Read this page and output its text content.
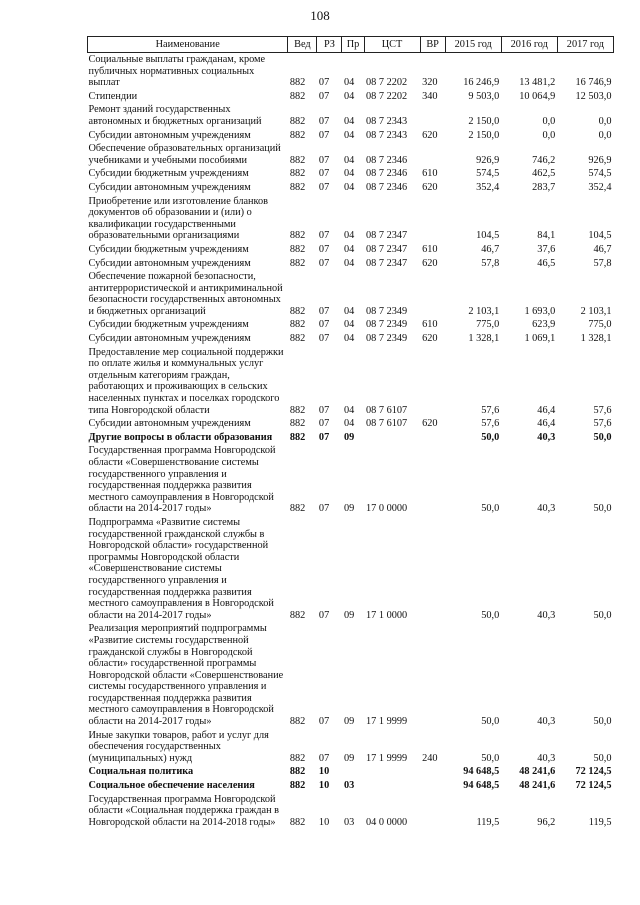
108
Наименование	Вед	РЗ	Пр	ЦСТ	ВР	2015 год	2016 год	2017 год
Социальные выплаты гражданам, кроме публичных нормативных социальных выплат	882	07	04	08 7 2202	320	16 246,9	13 481,2	16 746,9
Стипендии	882	07	04	08 7 2202	340	9 503,0	10 064,9	12 503,0
Ремонт зданий государственных автономных и бюджетных организаций	882	07	04	08 7 2343		2 150,0	0,0	0,0
Субсидии автономным учреждениям	882	07	04	08 7 2343	620	2 150,0	0,0	0,0
Обеспечение образовательных организаций учебниками и учебными пособиями	882	07	04	08 7 2346		926,9	746,2	926,9
Субсидии бюджетным учреждениям	882	07	04	08 7 2346	610	574,5	462,5	574,5
Субсидии автономным учреждениям	882	07	04	08 7 2346	620	352,4	283,7	352,4
Приобретение или изготовление бланков документов об образовании и (или) о квалификации государственными образовательными организациями	882	07	04	08 7 2347		104,5	84,1	104,5
Субсидии бюджетным учреждениям	882	07	04	08 7 2347	610	46,7	37,6	46,7
Субсидии автономным учреждениям	882	07	04	08 7 2347	620	57,8	46,5	57,8
Обеспечение пожарной безопасности, антитеррористической и антикриминальной безопасности государственных автономных и бюджетных организаций	882	07	04	08 7 2349		2 103,1	1 693,0	2 103,1
Субсидии бюджетным учреждениям	882	07	04	08 7 2349	610	775,0	623,9	775,0
Субсидии автономным учреждениям	882	07	04	08 7 2349	620	1 328,1	1 069,1	1 328,1
Предоставление мер социальной поддержки по оплате жилья и коммунальных услуг отдельным категориям граждан, работающих и проживающих в сельских населенных пунктах и поселках городского типа Новгородской области	882	07	04	08 7 6107		57,6	46,4	57,6
Субсидии автономным учреждениям	882	07	04	08 7 6107	620	57,6	46,4	57,6
Другие вопросы в области образования	882	07	09			50,0	40,3	50,0
Государственная программа Новгородской области «Совершенствование системы государственного управления и государственная поддержка развития местного самоуправления в Новгородской области на 2014-2017 годы»	882	07	09	17 0 0000		50,0	40,3	50,0
Подпрограмма «Развитие системы государственной гражданской службы в Новгородской области» государственной программы Новгородской области «Совершенствование системы государственного управления и государственная поддержка развития местного самоуправления в Новгородской области на 2014-2017 годы»	882	07	09	17 1 0000		50,0	40,3	50,0
Реализация мероприятий подпрограммы «Развитие системы государственной гражданской службы в Новгородской области» государственной программы Новгородской области «Совершенствование системы государственного управления и государственная поддержка развития местного самоуправления в Новгородской области на 2014-2017 годы»	882	07	09	17 1 9999		50,0	40,3	50,0
Иные закупки товаров, работ и услуг для обеспечения государственных (муниципальных) нужд	882	07	09	17 1 9999	240	50,0	40,3	50,0
Социальная политика	882	10				94 648,5	48 241,6	72 124,5
Социальное обеспечение населения	882	10	03			94 648,5	48 241,6	72 124,5
Государственная программа Новгородской области «Социальная поддержка граждан в Новгородской области на 2014-2018 годы»	882	10	03	04 0 0000		119,5	96,2	119,5
